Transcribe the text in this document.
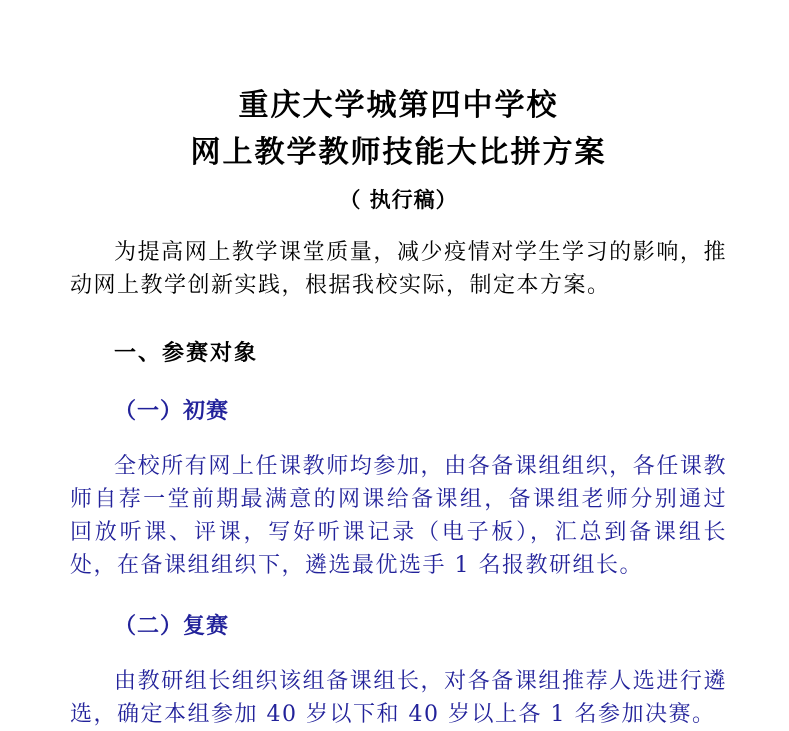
重庆大学城第四中学校
网上教学教师技能大比拼方案
（ 执行稿）

为提高网上教学课堂质量，减少疫情对学生学习的影响，推动网上教学创新实践，根据我校实际，制定本方案。

一、参赛对象
（一）初赛

全校所有网上任课教师均参加，由各备课组组织，各任课教师自荐一堂前期最满意的网课给备课组，备课组老师分别通过回放听课、评课，写好听课记录（电子板），汇总到备课组长处，在备课组组织下，遴选最优选手 1 名报教研组长。

（二）复赛

由教研组长组织该组备课组长，对各备课组推荐人选进行遴选，确定本组参加 40 岁以下和 40 岁以上各 1 名参加决赛。
